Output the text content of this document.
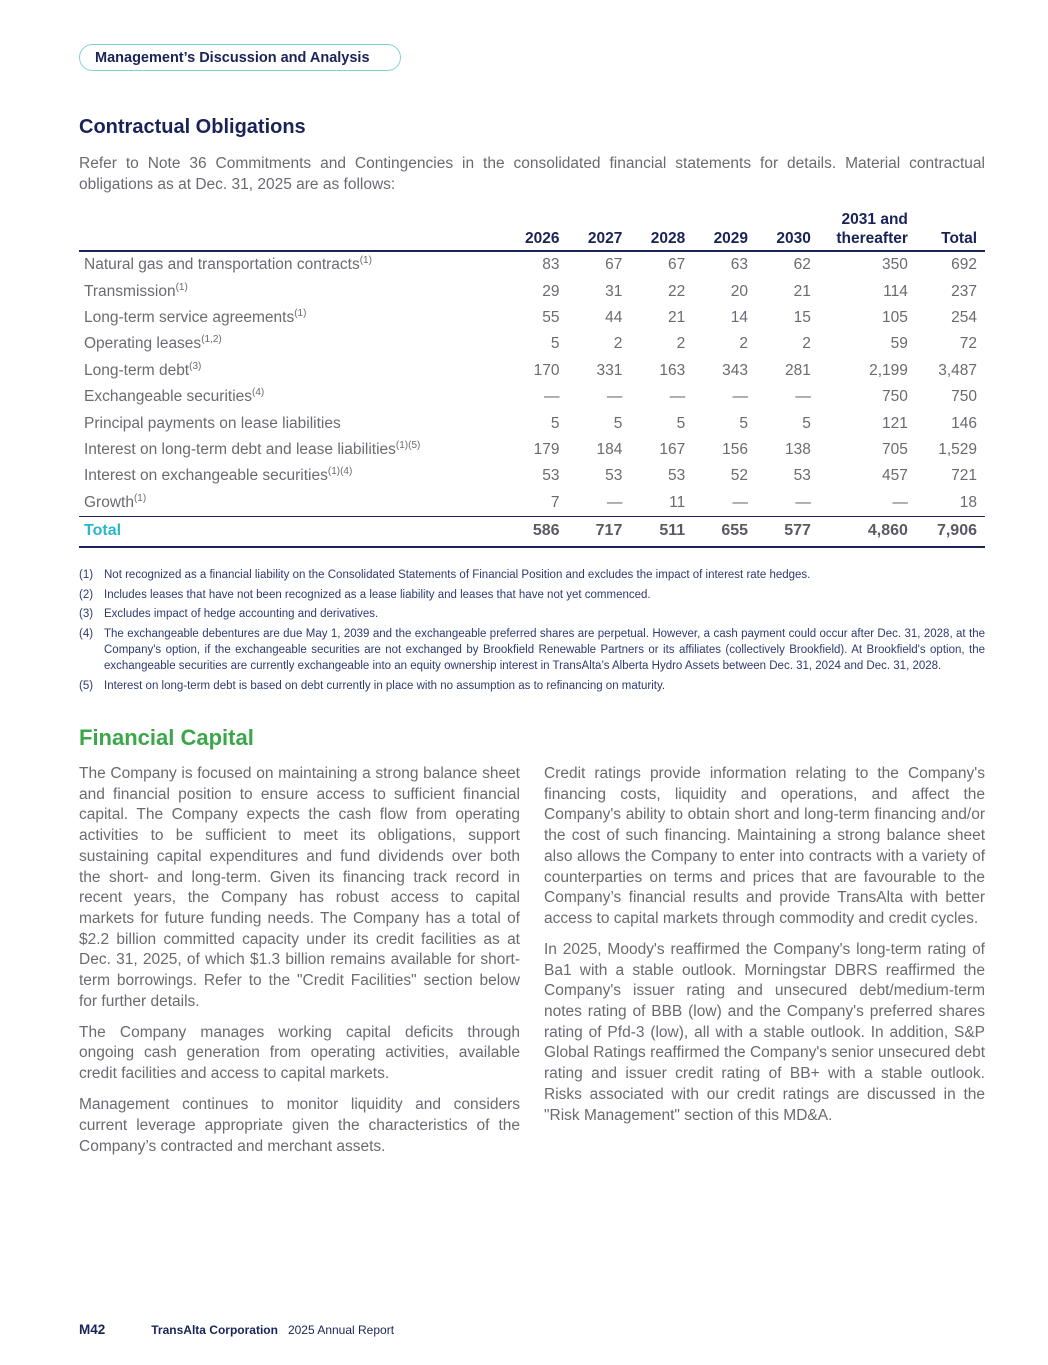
Management’s Discussion and Analysis
Contractual Obligations

Refer to Note 36 Commitments and Contingencies in the consolidated financial statements for details. Material contractual obligations as at Dec. 31, 2025 are as follows:

	2026	2027	2028	2029	2030	2031 and
thereafter	Total
Natural gas and transportation contracts$^{(1)}$	83	67	67	63	62	350	692
Transmission$^{(1)}$	29	31	22	20	21	114	237
Long-term service agreements$^{(1)}$	55	44	21	14	15	105	254
Operating leases$^{(1,2)}$	5	2	2	2	2	59	72
Long-term debt$^{(3)}$	170	331	163	343	281	2,199	3,487
Exchangeable securities$^{(4)}$	—	—	—	—	—	750	750
Principal payments on lease liabilities	5	5	5	5	5	121	146
Interest on long-term debt and lease liabilities$^{(1)(5)}$	179	184	167	156	138	705	1,529
Interest on exchangeable securities$^{(1)(4)}$	53	53	53	52	53	457	721
Growth$^{(1)}$	7	—	11	—	—	—	18
Total	586	717	511	655	577	4,860	7,906
(1) Not recognized as a financial liability on the Consolidated Statements of Financial Position and excludes the impact of interest rate hedges.
(2) Includes leases that have not been recognized as a lease liability and leases that have not yet commenced.
(3) Excludes impact of hedge accounting and derivatives.
(4) The exchangeable debentures are due May 1, 2039 and the exchangeable preferred shares are perpetual. However, a cash payment could occur after Dec. 31, 2028, at the Company's option, if the exchangeable securities are not exchanged by Brookfield Renewable Partners or its affiliates (collectively Brookfield). At Brookfield's option, the exchangeable securities are currently exchangeable into an equity ownership interest in TransAlta’s Alberta Hydro Assets between Dec. 31, 2024 and Dec. 31, 2028.
(5) Interest on long-term debt is based on debt currently in place with no assumption as to refinancing on maturity.
Financial Capital

The Company is focused on maintaining a strong balance sheet and financial position to ensure access to sufficient financial capital. The Company expects the cash flow from operating activities to be sufficient to meet its obligations, support sustaining capital expenditures and fund dividends over both the short- and long-term. Given its financing track record in recent years, the Company has robust access to capital markets for future funding needs. The Company has a total of $2.2 billion committed capacity under its credit facilities as at Dec. 31, 2025, of which $1.3 billion remains available for short-term borrowings. Refer to the "Credit Facilities" section below for further details.

The Company manages working capital deficits through ongoing cash generation from operating activities, available credit facilities and access to capital markets.

Management continues to monitor liquidity and considers current leverage appropriate given the characteristics of the Company’s contracted and merchant assets.

Credit ratings provide information relating to the Company's financing costs, liquidity and operations, and affect the Company's ability to obtain short and long-term financing and/or the cost of such financing. Maintaining a strong balance sheet also allows the Company to enter into contracts with a variety of counterparties on terms and prices that are favourable to the Company’s financial results and provide TransAlta with better access to capital markets through commodity and credit cycles.

In 2025, Moody's reaffirmed the Company's long-term rating of Ba1 with a stable outlook. Morningstar DBRS reaffirmed the Company's issuer rating and unsecured debt/medium-term notes rating of BBB (low) and the Company's preferred shares rating of Pfd-3 (low), all with a stable outlook. In addition, S&P Global Ratings reaffirmed the Company's senior unsecured debt rating and issuer credit rating of BB+ with a stable outlook. Risks associated with our credit ratings are discussed in the "Risk Management" section of this MD&A.

M42	TransAlta Corporation 2025 Annual Report
